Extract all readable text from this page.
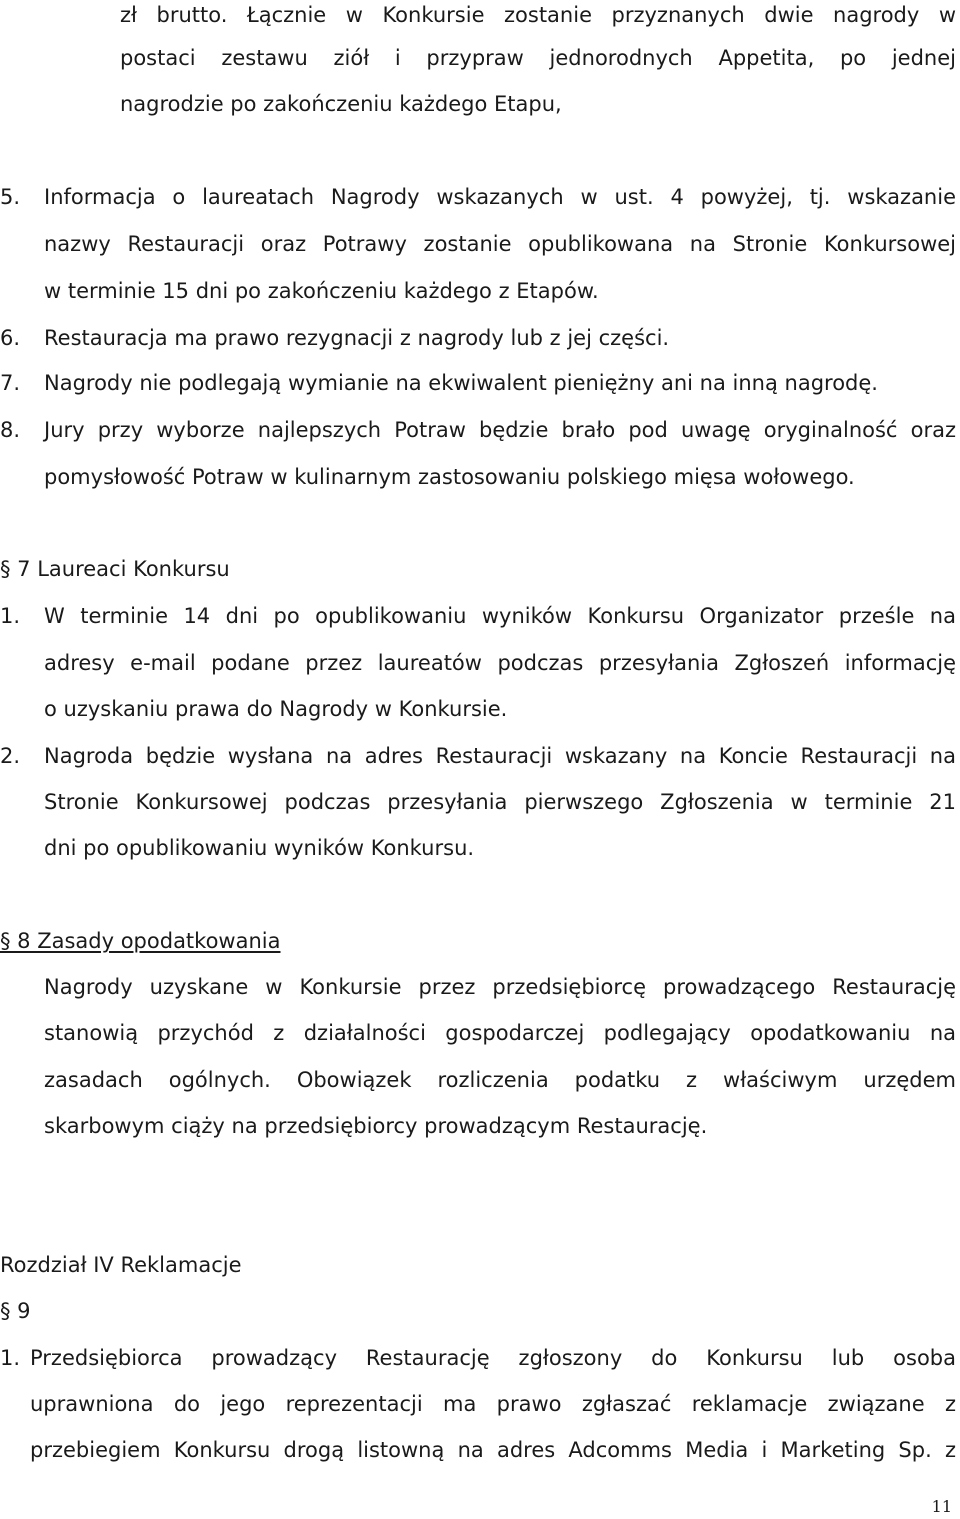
zł brutto. Łącznie w Konkursie zostanie przyznanych dwie nagrody w
postaci zestawu ziół i przypraw jednorodnych Appetita, po jednej
nagrodzie po zakończeniu każdego Etapu,
5. Informacja o laureatach Nagrody wskazanych w ust. 4 powyżej, tj. wskazanie
nazwy Restauracji oraz Potrawy zostanie opublikowana na Stronie Konkursowej
w terminie 15 dni po zakończeniu każdego z Etapów.
6. Restauracja ma prawo rezygnacji z nagrody lub z jej części.
7. Nagrody nie podlegają wymianie na ekwiwalent pieniężny ani na inną nagrodę.
8. Jury przy wyborze najlepszych Potraw będzie brało pod uwagę oryginalność oraz
pomysłowość Potraw w kulinarnym zastosowaniu polskiego mięsa wołowego.
§ 7 Laureaci Konkursu
1. W terminie 14 dni po opublikowaniu wyników Konkursu Organizator prześle na
adresy e-mail podane przez laureatów podczas przesyłania Zgłoszeń informację
o uzyskaniu prawa do Nagrody w Konkursie.
2. Nagroda będzie wysłana na adres Restauracji wskazany na Koncie Restauracji na
Stronie Konkursowej podczas przesyłania pierwszego Zgłoszenia w terminie 21
dni po opublikowaniu wyników Konkursu.
§ 8 Zasady opodatkowania
Nagrody uzyskane w Konkursie przez przedsiębiorcę prowadzącego Restaurację
stanowią przychód z działalności gospodarczej podlegający opodatkowaniu na
zasadach ogólnych. Obowiązek rozliczenia podatku z właściwym urzędem
skarbowym ciąży na przedsiębiorcy prowadzącym Restaurację.
Rozdział IV Reklamacje
§ 9
1. Przedsiębiorca prowadzący Restaurację zgłoszony do Konkursu lub osoba
uprawniona do jego reprezentacji ma prawo zgłaszać reklamacje związane z
przebiegiem Konkursu drogą listowną na adres Adcomms Media i Marketing Sp. z
11
